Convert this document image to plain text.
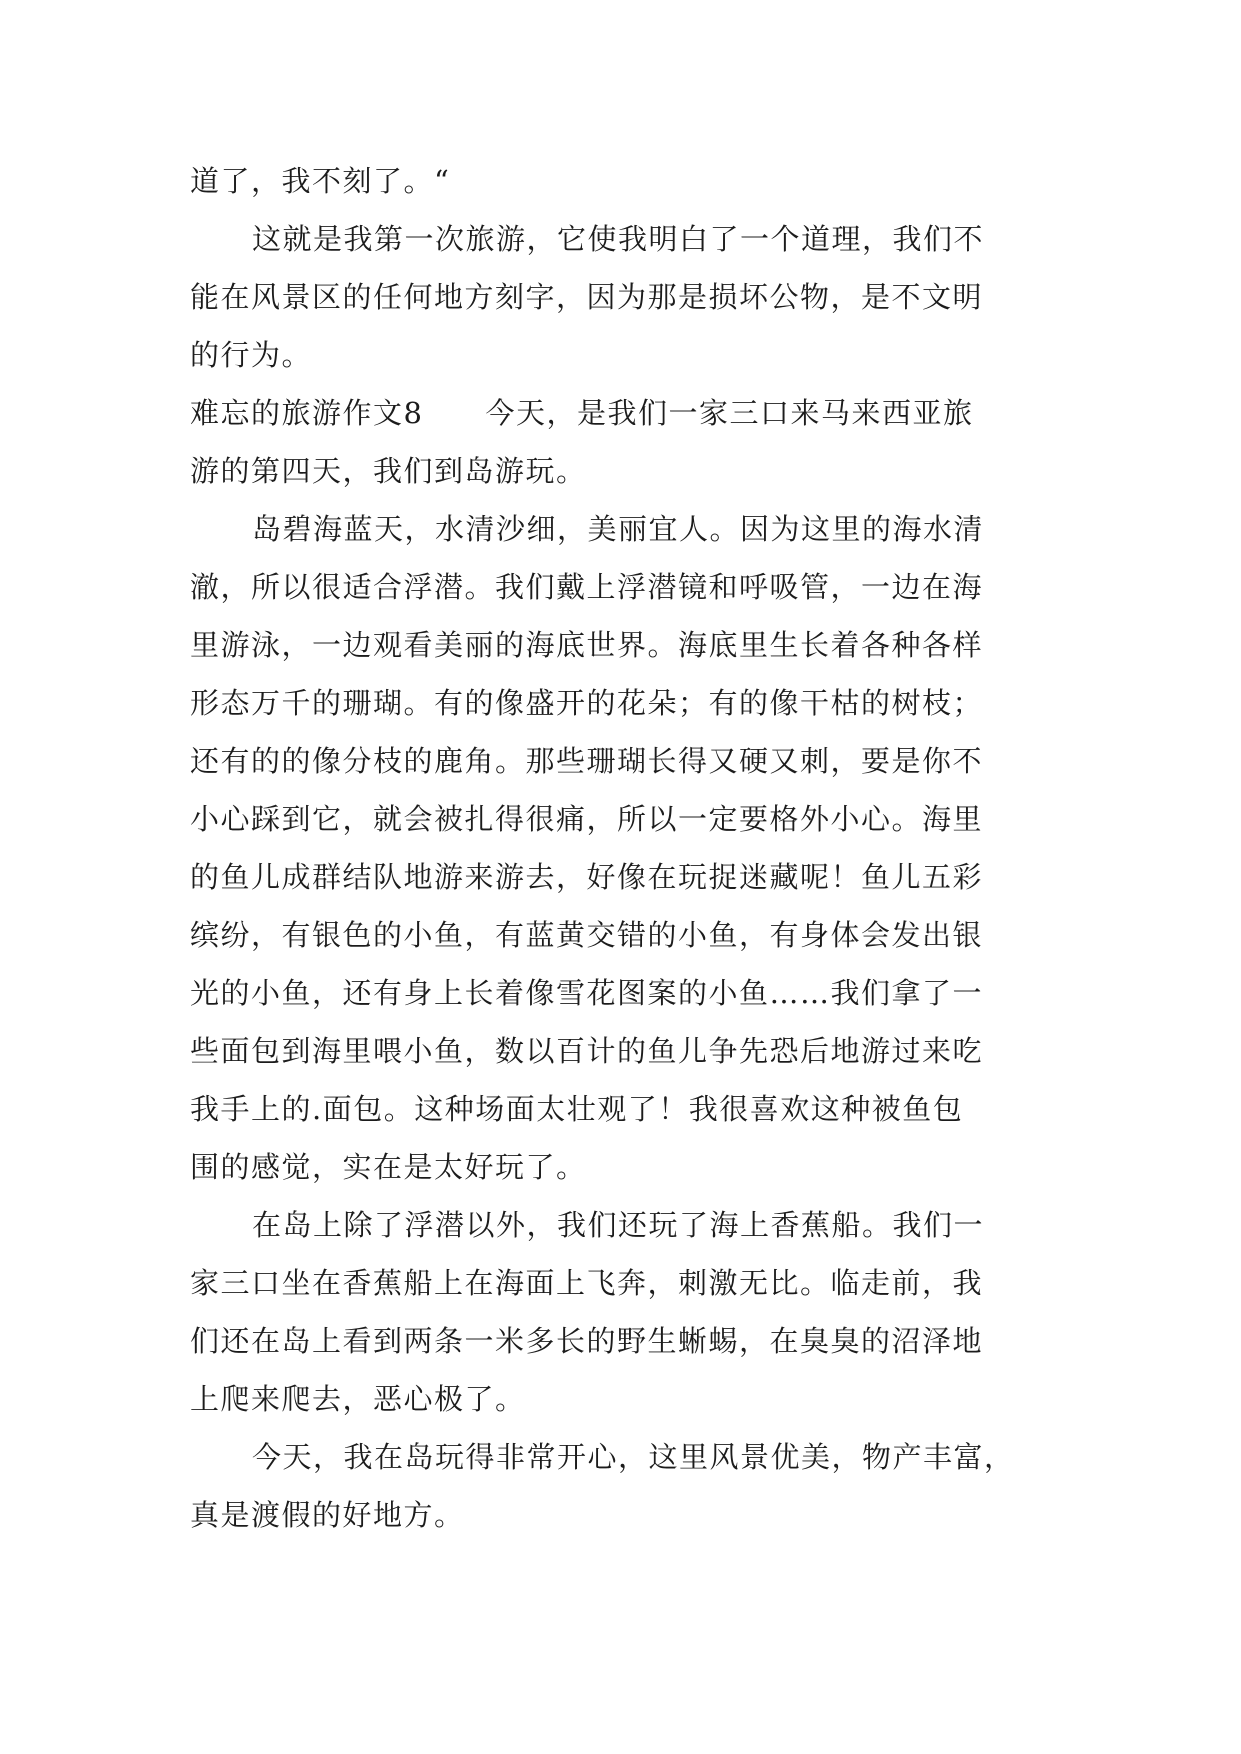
道了，我不刻了。“
这就是我第一次旅游，它使我明白了一个道理，我们不
能在风景区的任何地方刻字，因为那是损坏公物，是不文明
的行为。
难忘的旅游作文8 今天，是我们一家三口来马来西亚旅
游的第四天，我们到岛游玩。
岛碧海蓝天，水清沙细，美丽宜人。因为这里的海水清
澈，所以很适合浮潜。我们戴上浮潜镜和呼吸管，一边在海
里游泳，一边观看美丽的海底世界。海底里生长着各种各样
形态万千的珊瑚。有的像盛开的花朵；有的像干枯的树枝；
还有的的像分枝的鹿角。那些珊瑚长得又硬又刺，要是你不
小心踩到它，就会被扎得很痛，所以一定要格外小心。海里
的鱼儿成群结队地游来游去，好像在玩捉迷藏呢！鱼儿五彩
缤纷，有银色的小鱼，有蓝黄交错的小鱼，有身体会发出银
光的小鱼，还有身上长着像雪花图案的小鱼……我们拿了一
些面包到海里喂小鱼，数以百计的鱼儿争先恐后地游过来吃
我手上的.面包。这种场面太壮观了！我很喜欢这种被鱼包
围的感觉，实在是太好玩了。
在岛上除了浮潜以外，我们还玩了海上香蕉船。我们一
家三口坐在香蕉船上在海面上飞奔，刺激无比。临走前，我
们还在岛上看到两条一米多长的野生蜥蜴，在臭臭的沼泽地
上爬来爬去，恶心极了。
今天，我在岛玩得非常开心，这里风景优美，物产丰富，
真是渡假的好地方。
